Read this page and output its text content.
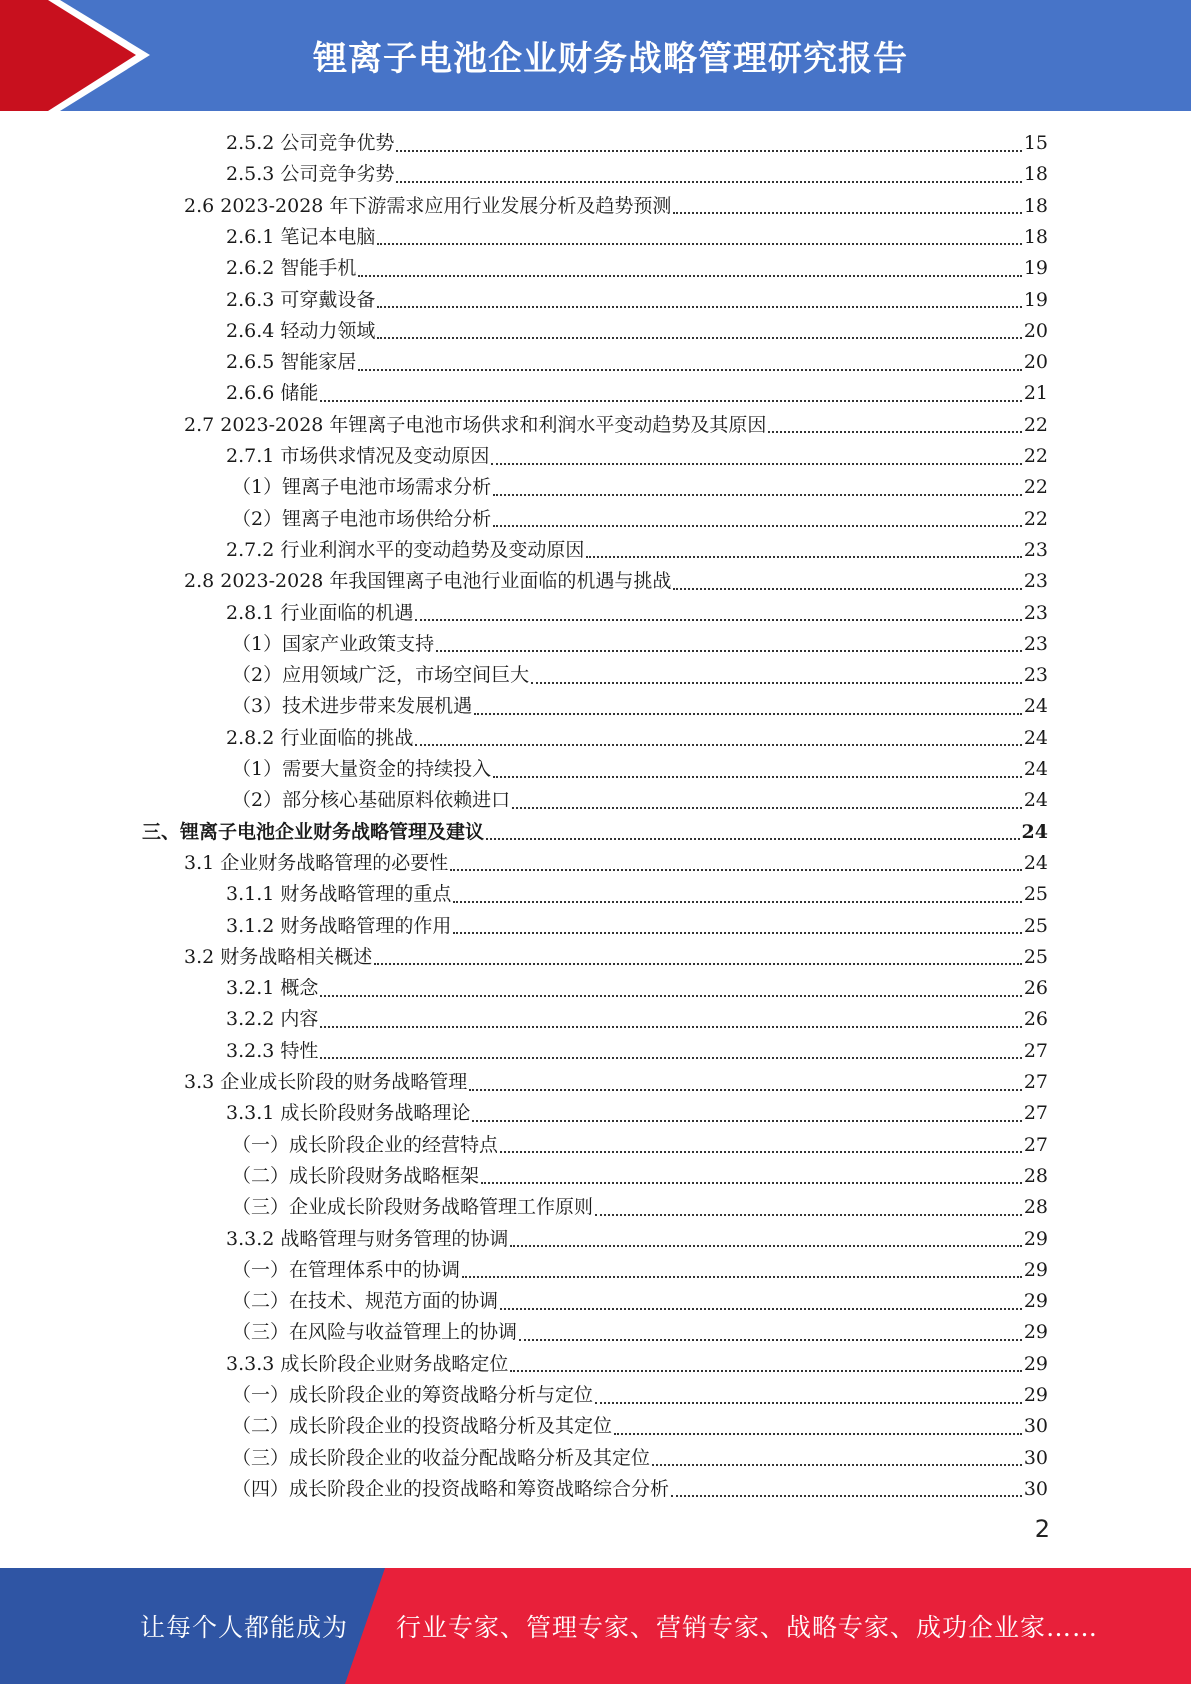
锂离子电池企业财务战略管理研究报告
2.5.2 公司竞争优势	15
2.5.3 公司竞争劣势	18
2.6 2023-2028 年下游需求应用行业发展分析及趋势预测	18
2.6.1 笔记本电脑	18
2.6.2 智能手机	19
2.6.3 可穿戴设备	19
2.6.4 轻动力领域	20
2.6.5 智能家居	20
2.6.6 储能	21
2.7 2023-2028 年锂离子电池市场供求和利润水平变动趋势及其原因	22
2.7.1 市场供求情况及变动原因	22
（1）锂离子电池市场需求分析	22
（2）锂离子电池市场供给分析	22
2.7.2 行业利润水平的变动趋势及变动原因	23
2.8 2023-2028 年我国锂离子电池行业面临的机遇与挑战	23
2.8.1 行业面临的机遇	23
（1）国家产业政策支持	23
（2）应用领域广泛，市场空间巨大	23
（3）技术进步带来发展机遇	24
2.8.2 行业面临的挑战	24
（1）需要大量资金的持续投入	24
（2）部分核心基础原料依赖进口	24
三、锂离子电池企业财务战略管理及建议	24
3.1 企业财务战略管理的必要性	24
3.1.1 财务战略管理的重点	25
3.1.2 财务战略管理的作用	25
3.2 财务战略相关概述	25
3.2.1 概念	26
3.2.2 内容	26
3.2.3 特性	27
3.3 企业成长阶段的财务战略管理	27
3.3.1 成长阶段财务战略理论	27
（一）成长阶段企业的经营特点	27
（二）成长阶段财务战略框架	28
（三）企业成长阶段财务战略管理工作原则	28
3.3.2 战略管理与财务管理的协调	29
（一）在管理体系中的协调	29
（二）在技术、规范方面的协调	29
（三）在风险与收益管理上的协调	29
3.3.3 成长阶段企业财务战略定位	29
（一）成长阶段企业的筹资战略分析与定位	29
（二）成长阶段企业的投资战略分析及其定位	30
（三）成长阶段企业的收益分配战略分析及其定位	30
（四）成长阶段企业的投资战略和筹资战略综合分析	30
2
让每个人都能成为 行业专家、管理专家、营销专家、战略专家、成功企业家……
